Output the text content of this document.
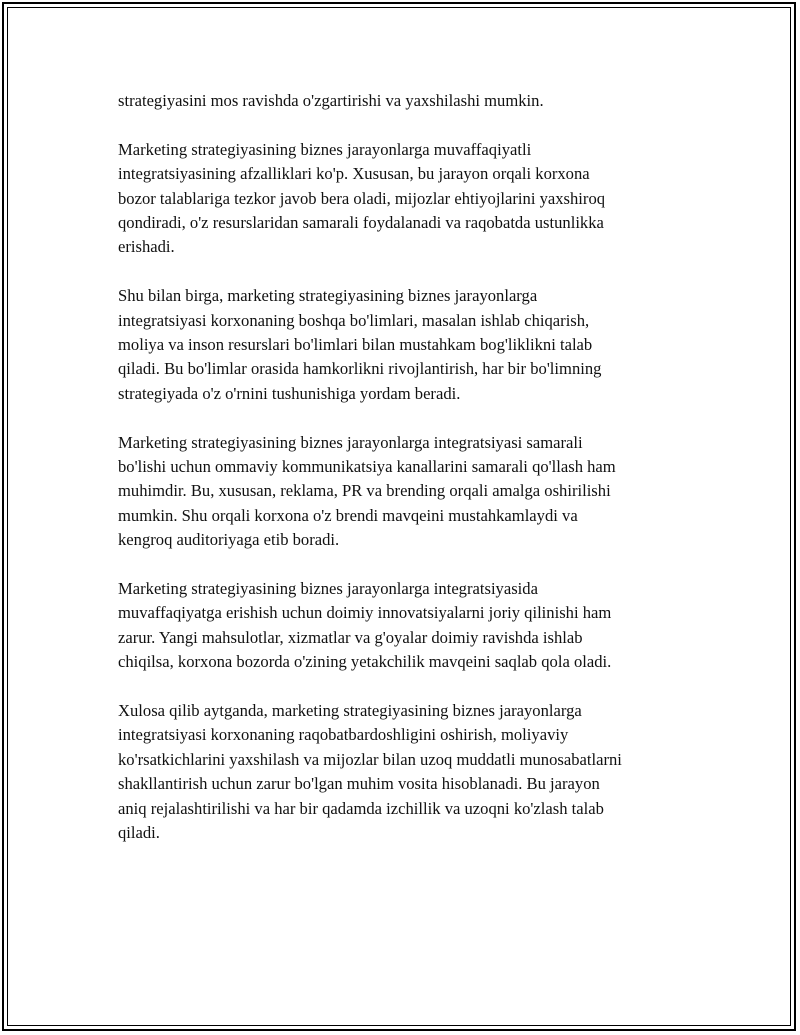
strategiyasini mos ravishda o'zgartirishi va yaxshilashi mumkin.

Marketing strategiyasining biznes jarayonlarga muvaffaqiyatli
integratsiyasining afzalliklari ko'p. Xususan, bu jarayon orqali korxona
bozor talablariga tezkor javob bera oladi, mijozlar ehtiyojlarini yaxshiroq
qondiradi, o'z resurslaridan samarali foydalanadi va raqobatda ustunlikka
erishadi.

Shu bilan birga, marketing strategiyasining biznes jarayonlarga
integratsiyasi korxonaning boshqa bo'limlari, masalan ishlab chiqarish,
moliya va inson resurslari bo'limlari bilan mustahkam bog'liklikni talab
qiladi. Bu bo'limlar orasida hamkorlikni rivojlantirish, har bir bo'limning
strategiyada o'z o'rnini tushunishiga yordam beradi.

Marketing strategiyasining biznes jarayonlarga integratsiyasi samarali
bo'lishi uchun ommaviy kommunikatsiya kanallarini samarali qo'llash ham
muhimdir. Bu, xususan, reklama, PR va brending orqali amalga oshirilishi
mumkin. Shu orqali korxona o'z brendi mavqeini mustahkamlaydi va
kengroq auditoriyaga etib boradi.

Marketing strategiyasining biznes jarayonlarga integratsiyasida
muvaffaqiyatga erishish uchun doimiy innovatsiyalarni joriy qilinishi ham
zarur. Yangi mahsulotlar, xizmatlar va g'oyalar doimiy ravishda ishlab
chiqilsa, korxona bozorda o'zining yetakchilik mavqeini saqlab qola oladi.

Xulosa qilib aytganda, marketing strategiyasining biznes jarayonlarga
integratsiyasi korxonaning raqobatbardoshligini oshirish, moliyaviy
ko'rsatkichlarini yaxshilash va mijozlar bilan uzoq muddatli munosabatlarni
shakllantirish uchun zarur bo'lgan muhim vosita hisoblanadi. Bu jarayon
aniq rejalashtirilishi va har bir qadamda izchillik va uzoqni ko'zlash talab
qiladi.
